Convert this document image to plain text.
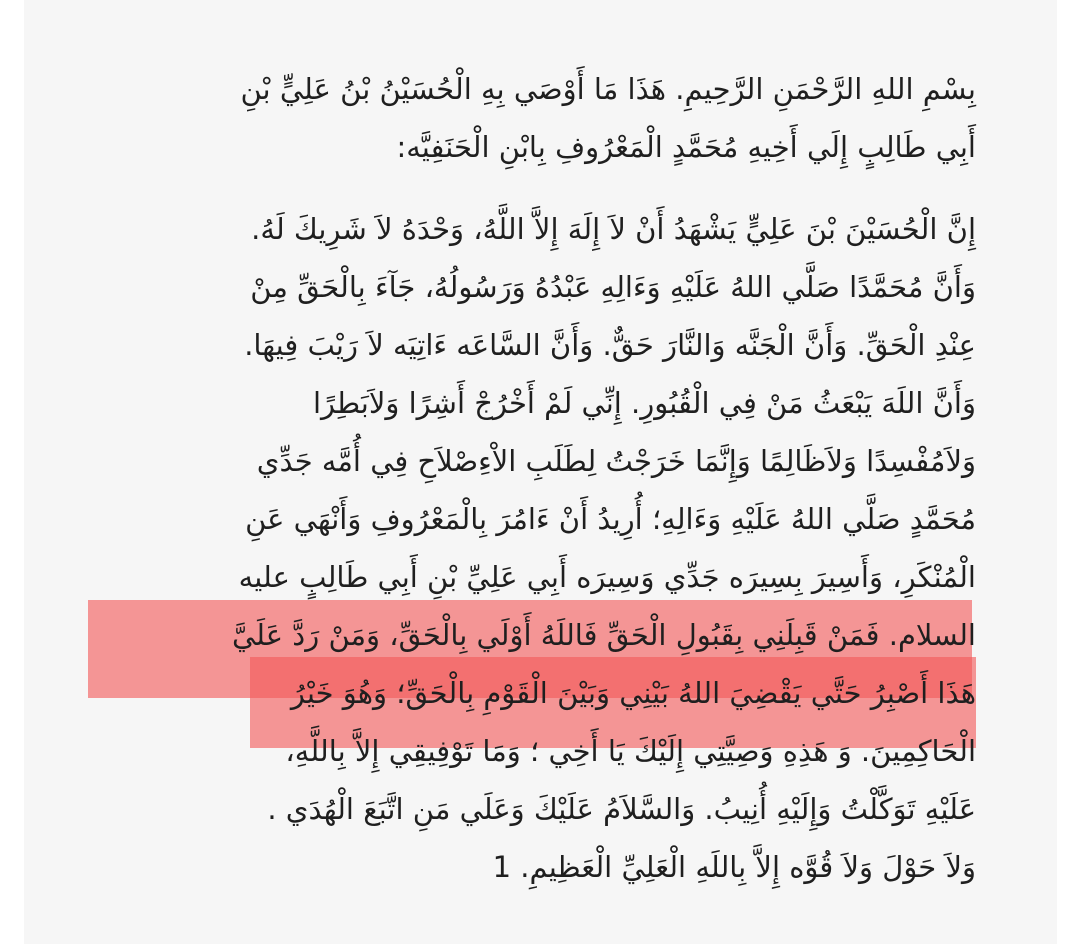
بِسْمِ اللهِ الرَّحْمَنِ الرَّحِيمِ. هَذَا مَا أَوْصَي بِهِ الْحُسَيْنُ بْنُ عَلِيٍّ بْنِ
أَبِي طَالِبٍ إِلَي أَخِيهِ مُحَمَّدٍ الْمَعْرُوفِ بِابْنِ الْحَنَفِيَّه:
إِنَّ الْحُسَيْنَ بْنَ عَلِيٍّ يَشْهَدُ أَنْ لاَ إِلَهَ إِلاَّ اللَّهُ، وَحْدَهُ لاَ شَرِيكَ لَهُ.
وَأَنَّ مُحَمَّدًا صَلَّي اللهُ عَلَيْهِ وَءَالِهِ عَبْدُهُ وَرَسُولُهُ، جَآءَ بِالْحَقِّ مِنْ
عِنْدِ الْحَقِّ. وَأَنَّ الْجَنَّه وَالنَّارَ حَقٌّ. وَأَنَّ السَّاعَه ءَاتِيَه لاَ رَيْبَ فِيهَا.
وَأَنَّ اللَهَ يَبْعَثُ مَنْ فِي الْقُبُورِ. إِنِّي لَمْ أَخْرُجْ أَشِرًا وَلاَبَطِرًا
وَلاَمُفْسِدًا وَلاَظَالِمًا وَإِنَّمَا خَرَجْتُ لِطَلَبِ الاْءِصْلاَحِ فِي أُمَّه جَدِّي
مُحَمَّدٍ صَلَّي اللهُ عَلَيْهِ وَءَالِهِ؛ أُرِيدُ أَنْ ءَامُرَ بِالْمَعْرُوفِ وَأَنْهَي عَنِ
الْمُنْكَرِ، وَأَسِيرَ بِسِيرَه جَدِّي وَسِيرَه أَبِي عَلِيِّ بْنِ أَبِي طَالِبٍ عليه
السلام. فَمَنْ قَبِلَنِي بِقَبُولِ الْحَقِّ فَاللَهُ أَوْلَي بِالْحَقِّ، وَمَنْ رَدَّ عَلَيَّ
هَذَا أَصْبِرُ حَتَّي يَقْضِيَ اللهُ بَيْنِي وَبَيْنَ الْقَوْمِ بِالْحَقِّ؛ وَهُوَ خَيْرُ
الْحَاكِمِينَ. وَ هَذِهِ وَصِيَّتِي إِلَيْكَ يَا أَخِي ؛ وَمَا تَوْفِيقِي إِلاَّ بِاللَّهِ،
عَلَيْهِ تَوَكَّلْتُ وَإِلَيْهِ أُنِيبُ. وَالسَّلاَمُ عَلَيْكَ وَعَلَي مَنِ اتَّبَعَ الْهُدَي .
وَلاَ حَوْلَ وَلاَ قُوَّه إِلاَّ بِاللَهِ الْعَلِيِّ الْعَظِيمِ. 1
